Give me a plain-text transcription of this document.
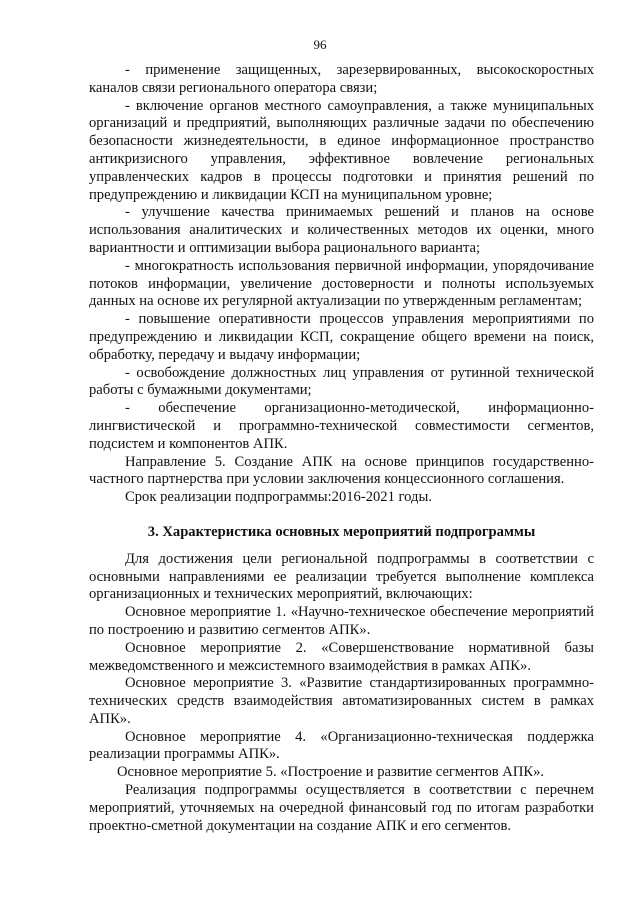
96

- применение защищенных, зарезервированных, высокоскоростных каналов связи регионального оператора связи;

- включение органов местного самоуправления, а также муниципальных организаций и предприятий, выполняющих различные задачи по обеспечению безопасности жизнедеятельности, в единое информационное пространство антикризисного управления, эффективное вовлечение региональных управленческих кадров в процессы подготовки и принятия решений по предупреждению и ликвидации КСП на муниципальном уровне;

- улучшение качества принимаемых решений и планов на основе использования аналитических и количественных методов их оценки, много вариантности и оптимизации выбора рационального варианта;

- многократность использования первичной информации, упорядочивание потоков информации, увеличение достоверности и полноты используемых данных на основе их регулярной актуализации по утвержденным регламентам;

- повышение оперативности процессов управления мероприятиями по предупреждению и ликвидации КСП, сокращение общего времени на поиск, обработку, передачу и выдачу информации;

- освобождение должностных лиц управления от рутинной технической работы с бумажными документами;

- обеспечение организационно-методической, информационно-лингвистической и программно-технической совместимости сегментов, подсистем и компонентов АПК.

Направление 5. Создание АПК на основе принципов государственно-частного партнерства при условии заключения концессионного соглашения.

Срок реализации подпрограммы:2016-2021 годы.

3. Характеристика основных мероприятий подпрограммы

Для достижения цели региональной подпрограммы в соответствии с основными направлениями ее реализации требуется выполнение комплекса организационных и технических мероприятий, включающих:

Основное мероприятие 1. «Научно-техническое обеспечение мероприятий по построению и развитию сегментов АПК».

Основное мероприятие 2. «Совершенствование нормативной базы межведомственного и межсистемного взаимодействия в рамках АПК».

Основное мероприятие 3. «Развитие стандартизированных программно-технических средств взаимодействия автоматизированных систем в рамках АПК».

Основное мероприятие 4. «Организационно-техническая поддержка реализации программы АПК».

Основное мероприятие 5. «Построение и развитие сегментов АПК».

Реализация подпрограммы осуществляется в соответствии с перечнем мероприятий, уточняемых на очередной финансовый год по итогам разработки проектно-сметной документации на создание АПК и его сегментов.
